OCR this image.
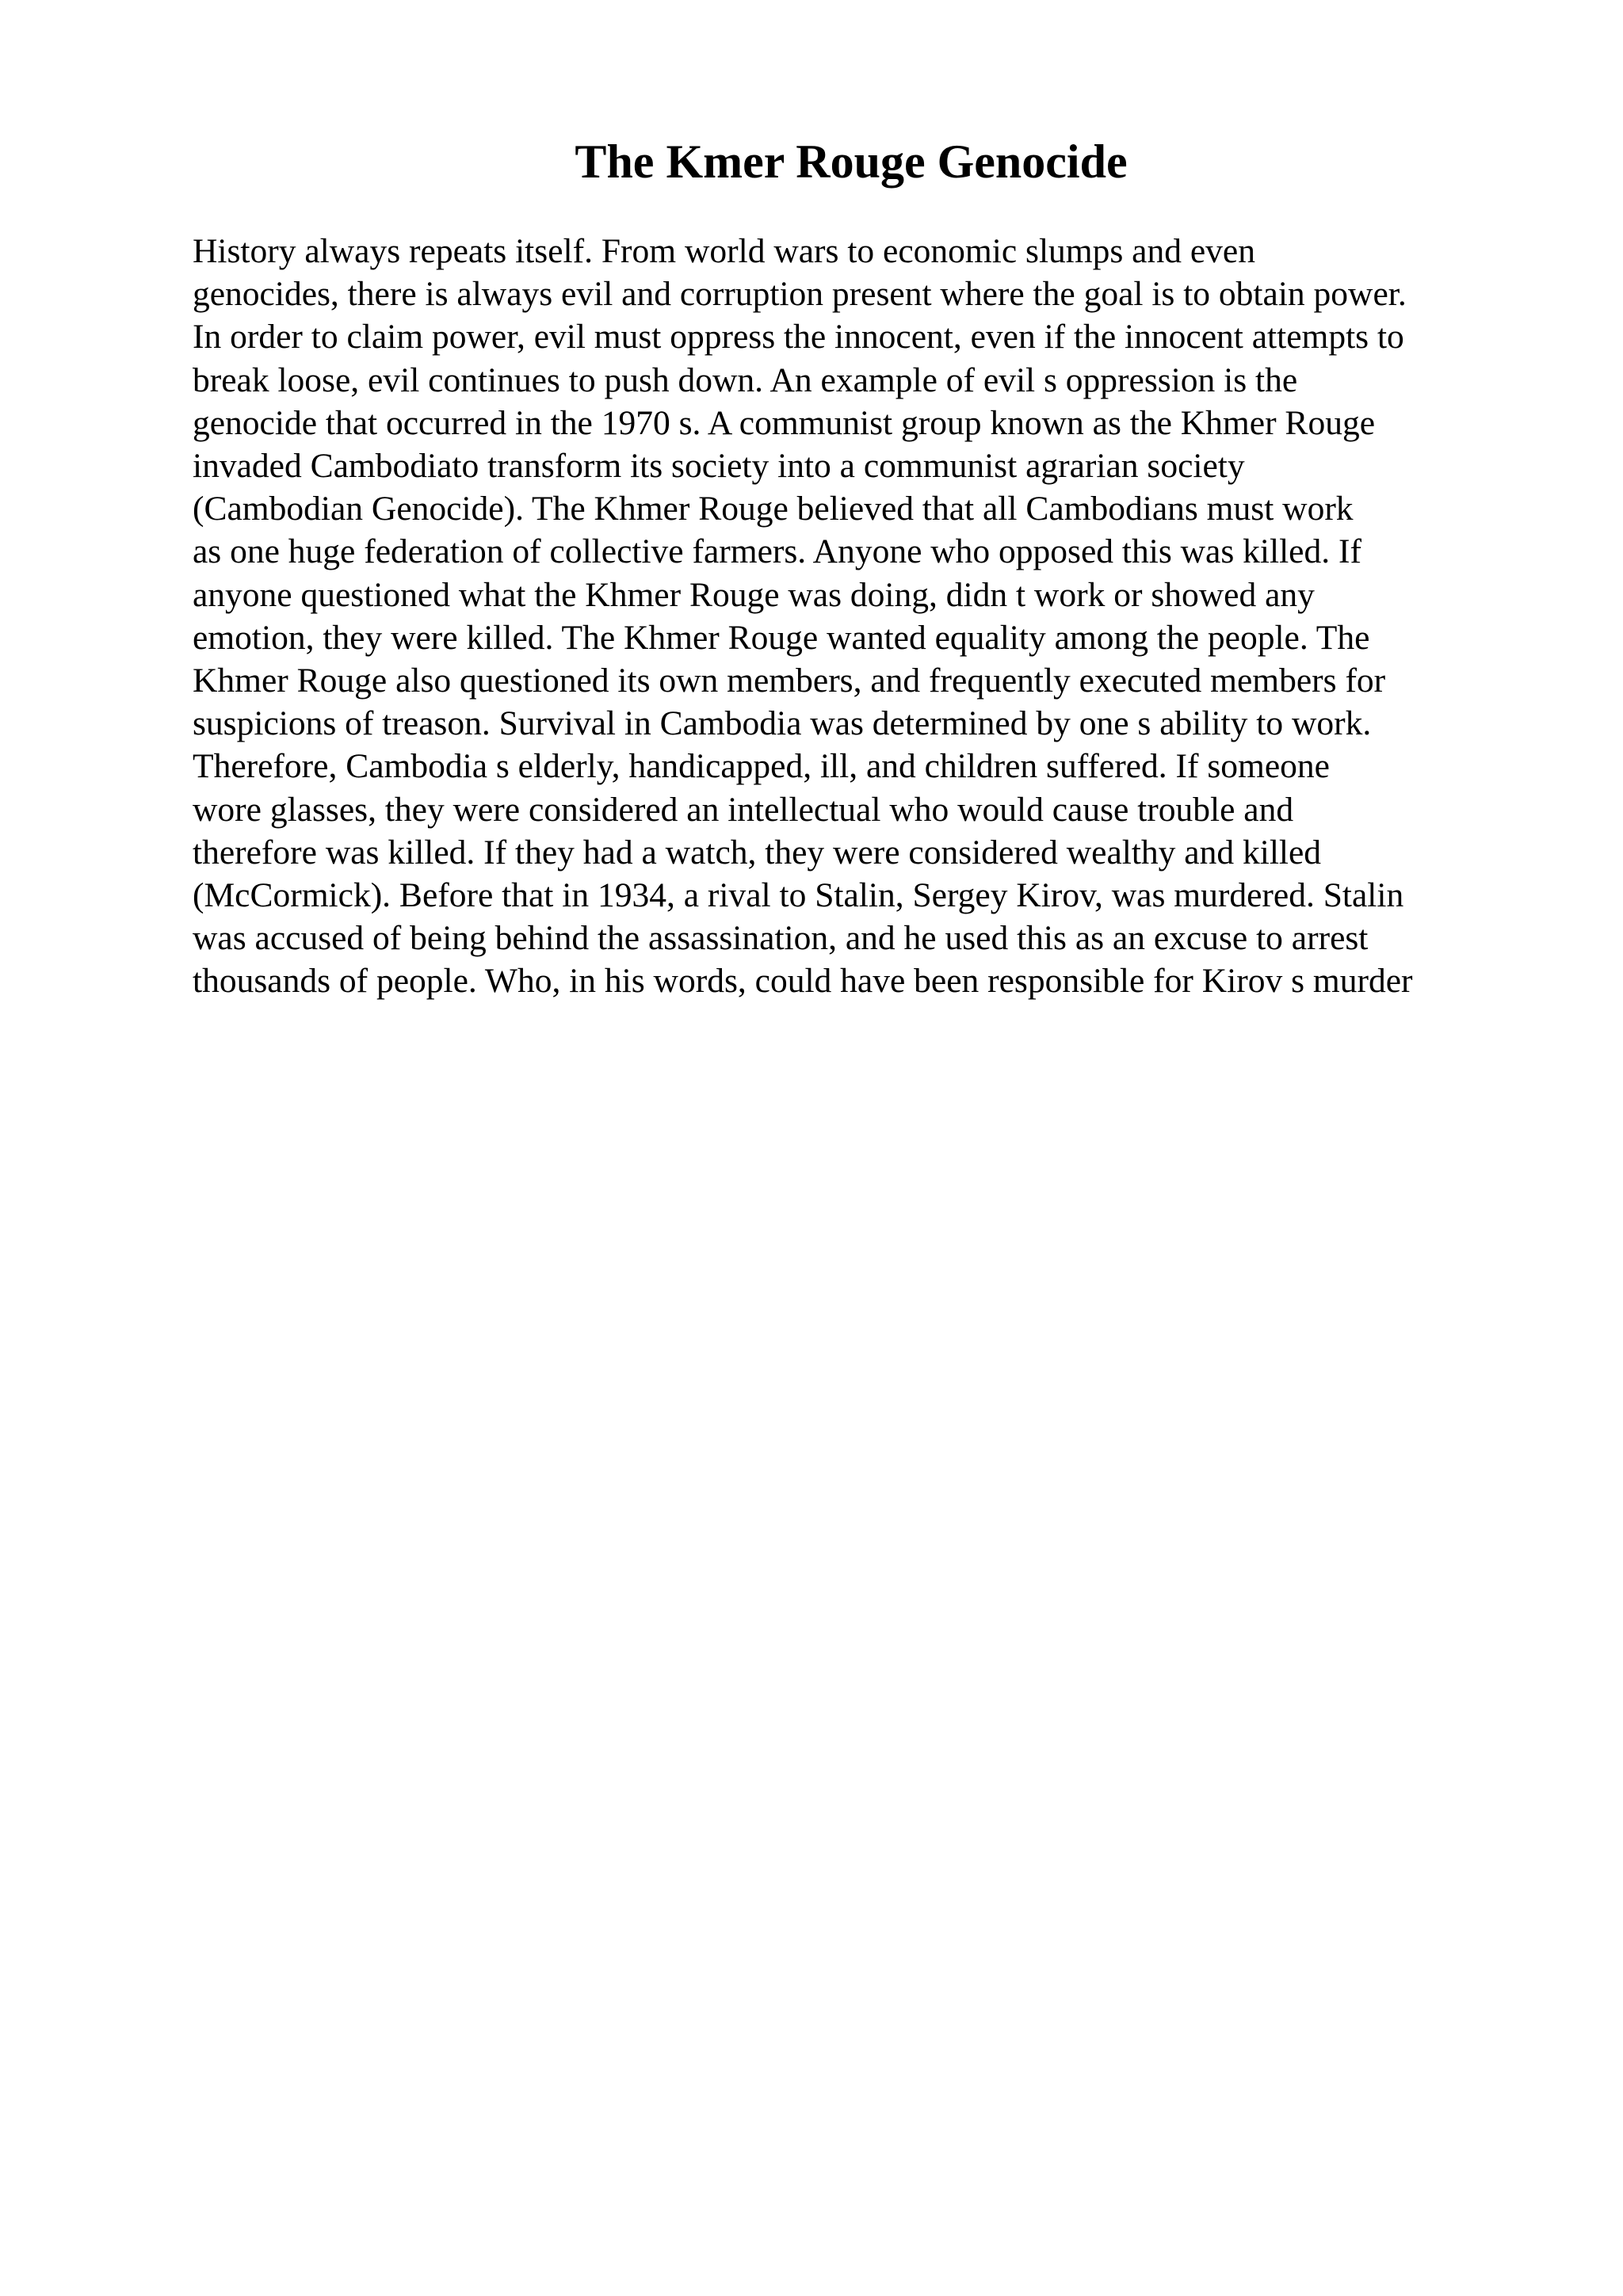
The Kmer Rouge Genocide
History always repeats itself. From world wars to economic slumps and even
genocides, there is always evil and corruption present where the goal is to obtain power.
In order to claim power, evil must oppress the innocent, even if the innocent attempts to
break loose, evil continues to push down. An example of evil s oppression is the
genocide that occurred in the 1970 s. A communist group known as the Khmer Rouge
invaded Cambodiato transform its society into a communist agrarian society
(Cambodian Genocide). The Khmer Rouge believed that all Cambodians must work
as one huge federation of collective farmers. Anyone who opposed this was killed. If
anyone questioned what the Khmer Rouge was doing, didn t work or showed any
emotion, they were killed. The Khmer Rouge wanted equality among the people. The
Khmer Rouge also questioned its own members, and frequently executed members for
suspicions of treason. Survival in Cambodia was determined by one s ability to work.
Therefore, Cambodia s elderly, handicapped, ill, and children suffered. If someone
wore glasses, they were considered an intellectual who would cause trouble and
therefore was killed. If they had a watch, they were considered wealthy and killed
(McCormick). Before that in 1934, a rival to Stalin, Sergey Kirov, was murdered. Stalin
was accused of being behind the assassination, and he used this as an excuse to arrest
thousands of people. Who, in his words, could have been responsible for Kirov s murder
